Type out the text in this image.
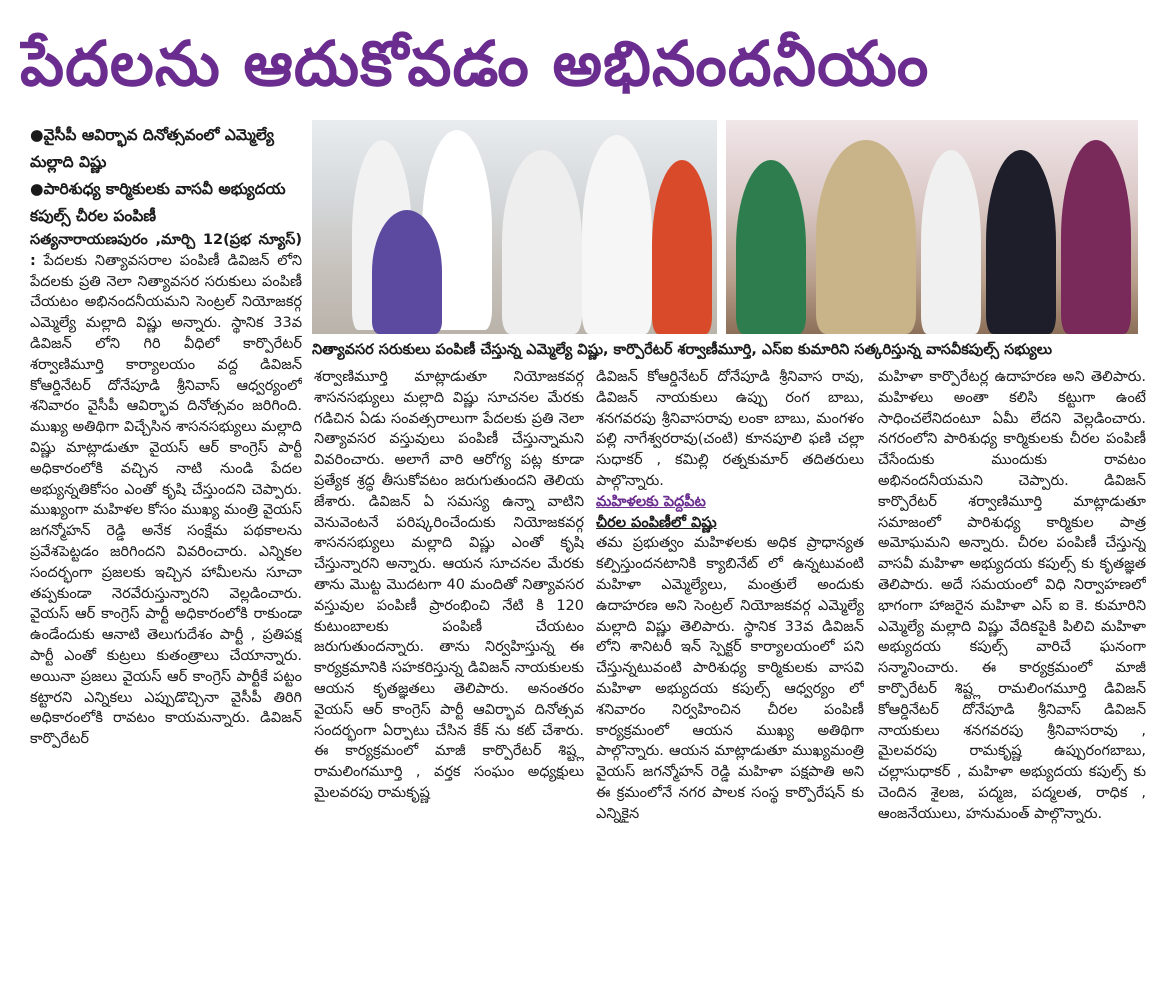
పేదలను ఆదుకోవడం అభినందనీయం

●వైసీపీ ఆవిర్భావ దినోత్సవంలో ఎమ్మెల్యే మల్లాది విష్ణు

●పారిశుధ్య కార్మికులకు వాసవీ అభ్యుదయ కపుల్స్ చీరల పంపిణీ

సత్యనారాయణపురం ,మార్చి 12(ప్రభ న్యూస్) : పేదలకు నిత్యావసరాల పంపిణీ డివిజన్ లోని పేదలకు ప్రతి నెలా నిత్యావసర సరుకులు పంపిణీ చేయటం అభినందనీయమని సెంట్రల్ నియోజకర్గ ఎమ్మెల్యే మల్లాది విష్ణు అన్నారు. స్థానిక 33వ డివిజన్ లోని గిరి వీధిలో కార్పొరేటర్ శర్వాణిమూర్తి కార్యాలయం వద్ద డివిజన్ కోఆర్డినేటర్ దోనేపూడి శ్రీనివాస్ ఆధ్వర్యంలో శనివారం వైసీపీ ఆవిర్భావ దినోత్సవం జరిగింది. ముఖ్య అతిథిగా విచ్చేసిన శాసనసభ్యులు మల్లాది విష్ణు మాట్లాడుతూ వైయస్ ఆర్ కాంగ్రెస్ పార్టీ అధికారంలోకి వచ్చిన నాటి నుండి పేదల అభ్యున్నతికోసం ఎంతో కృషి చేస్తుందని చెప్పారు. ముఖ్యంగా మహిళల కోసం ముఖ్య మంత్రి వైయస్ జగన్మోహన్ రెడ్డి అనేక సంక్షేమ పథకాలను ప్రవేశపెట్టడం జరిగిందని వివరించారు. ఎన్నికల సందర్భంగా ప్రజలకు ఇచ్చిన హామీలను సూచా తప్పకుండా నెరవేరుస్తున్నారని వెల్లడించారు. వైయస్ ఆర్ కాంగ్రెస్ పార్టీ అధికారంలోకి రాకుండా ఉండేందుకు ఆనాటి తెలుగుదేశం పార్టీ , ప్రతిపక్ష పార్టీ ఎంతో కుట్రలు కుతంత్రాలు చేయాన్నారు. అయినా ప్రజలు వైయస్ ఆర్ కాంగ్రెస్ పార్టీకే పట్టం కట్టారని ఎన్నికలు ఎప్పుడొచ్చినా వైసీపీ తిరిగి అధికారంలోకి రావటం కాయమన్నారు. డివిజన్ కార్పొరేటర్

నిత్యావసర సరుకులు పంపిణీ చేస్తున్న ఎమ్మెల్యే విష్ణు, కార్పొరేటర్ శర్వాణీమూర్తి, ఎస్ఐ కుమారిని సత్కరిస్తున్న వాసవీకపుల్స్ సభ్యులు

శర్వాణిమూర్తి మాట్లాడుతూ నియోజకవర్గ శాసనసభ్యులు మల్లాది విష్ణు సూచనల మేరకు గడిచిన ఏడు సంవత్సరాలుగా పేదలకు ప్రతి నెలా నిత్యావసర వస్తువులు పంపిణీ చేస్తున్నామని వివరించారు. అలాగే వారి ఆరోగ్య పట్ల కూడా ప్రత్యేక శ్రద్ధ తీసుకోవటం జరుగుతుందని తెలియ జేశారు. డివిజన్ ఏ సమస్య ఉన్నా వాటిని వెనువెంటనే పరిష్కరించేందుకు నియోజకవర్గ శాసనసభ్యులు మల్లాది విష్ణు ఎంతో కృషి చేస్తున్నారని అన్నారు. ఆయన సూచనల మేరకు తాను మొట్ట మొదటగా 40 మందితో నిత్యావసర వస్తువుల పంపిణీ ప్రారంభించి నేటి కి 120 కుటుంబాలకు పంపిణీ చేయటం జరుగుతుందన్నారు. తాను నిర్వహిస్తున్న ఈ కార్యక్రమానికి సహకరిస్తున్న డివిజన్ నాయకులకు ఆయన కృతజ్ఞతలు తెలిపారు. అనంతరం వైయస్ ఆర్ కాంగ్రెస్ పార్టీ ఆవిర్భావ దినోత్సవ సందర్భంగా ఏర్పాటు చేసిన కేక్ ను కట్ చేశారు. ఈ కార్యక్రమంలో మాజీ కార్పొరేటర్ శిష్ట్ల రామలింగమూర్తి , వర్తక సంఘం అధ్యక్షులు మైలవరపు రామకృష్ణ

డివిజన్ కోఆర్డినేటర్ దోనేపూడి శ్రీనివాస రావు, డివిజన్ నాయకులు ఉప్పు రంగ బాబు, శనగవరపు శ్రీనివాసరావు లంకా బాబు, మంగళం పల్లి నాగేశ్వరరావు(చంటి) కూనపూలి ఫణి చల్లా సుధాకర్ , కమిల్లి రత్నకుమార్ తదితరులు పాల్గొన్నారు.

మహిళలకు పెద్దపీట

చీరల పంపిణీలో విష్ణు

తమ ప్రభుత్వం మహిళలకు అధిక ప్రాధాన్యత కల్పిస్తుందనటానికి క్యాబినేట్ లో ఉన్నటువంటి మహిళా ఎమ్మెల్యేలు, మంత్రులే అందుకు ఉదాహరణ అని సెంట్రల్ నియోజకవర్గ ఎమ్మెల్యే మల్లాది విష్ణు తెలిపారు. స్థానిక 33వ డివిజన్ లోని శానిటరీ ఇన్ స్పెక్టర్ కార్యాలయంలో పని చేస్తున్నటువంటి పారిశుధ్య కార్మికులకు వాసవి మహిళా అభ్యుదయ కపుల్స్ ఆధ్వర్యం లో శనివారం నిర్వహించిన చీరల పంపిణీ కార్యక్రమంలో ఆయన ముఖ్య అతిథిగా పాల్గొన్నారు. ఆయన మాట్లాడుతూ ముఖ్యమంత్రి వైయస్ జగన్మోహన్ రెడ్డి మహిళా పక్షపాతి అని ఈ క్రమంలోనే నగర పాలక సంస్థ కార్పొరేషన్ కు ఎన్నికైన

మహిళా కార్పొరేటర్ల ఉదాహరణ అని తెలిపారు. మహిళలు అంతా కలిసి కట్టుగా ఉంటే సాధించలేనిదంటూ ఏమీ లేదని వెల్లడించారు. నగరంలోని పారిశుధ్య కార్మికులకు చీరల పంపిణీ చేసేందుకు ముందుకు రావటం అభినందనీయమని చెప్పారు. డివిజన్ కార్పొరేటర్ శర్వాణిమూర్తి మాట్లాడుతూ సమాజంలో పారిశుధ్య కార్మికుల పాత్ర అమోఘమని అన్నారు. చీరల పంపిణీ చేస్తున్న వాసవీ మహిళా అభ్యుదయ కపుల్స్ కు కృతజ్ఞత తెలిపారు. అదే సమయంలో విధి నిర్వాహణలో భాగంగా హాజరైన మహిళా ఎస్ ఐ కె. కుమారిని ఎమ్మెల్యే మల్లాది విష్ణు వేదికపైకి పిలిచి మహిళా అభ్యుదయ కపుల్స్ వారిచే ఘనంగా సన్మానించారు. ఈ కార్యక్రమంలో మాజీ కార్పొరేటర్ శిష్ట్ల రామలింగమూర్తి డివిజన్ కోఆర్డినేటర్ దోనేపూడి శ్రీనివాస్ డివిజన్ నాయకులు శనగవరపు శ్రీనివాసరావు , మైలవరపు రామకృష్ణ ఉప్పురంగబాబు, చల్లాసుధాకర్ , మహిళా అభ్యుదయ కపుల్స్ కు చెందిన శైలజ, పద్మజ, పద్మలత, రాధిక , ఆంజనేయులు, హనుమంత్ పాల్గొన్నారు.
